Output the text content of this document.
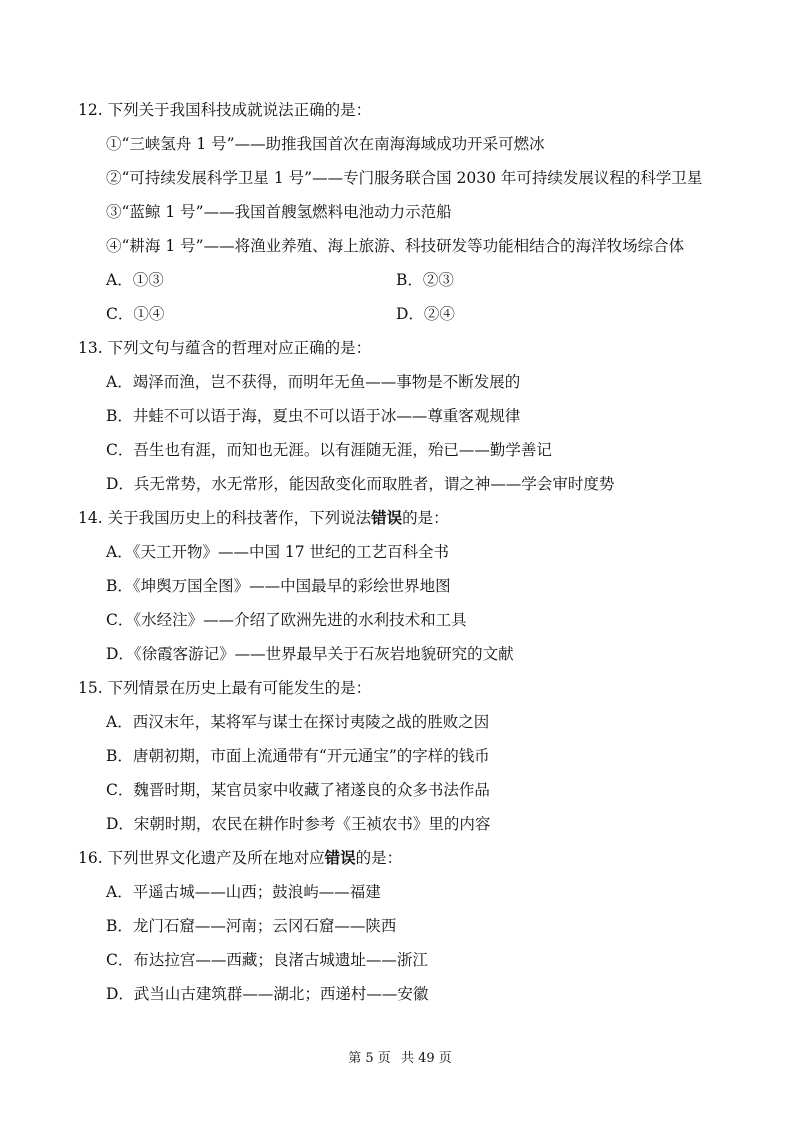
12. 下列关于我国科技成就说法正确的是：
①“三峡氢舟 1 号”——助推我国首次在南海海域成功开采可燃冰
②“可持续发展科学卫星 1 号”——专门服务联合国 2030 年可持续发展议程的科学卫星
③“蓝鲸 1 号”——我国首艘氢燃料电池动力示范船
④“耕海 1 号”——将渔业养殖、海上旅游、科技研发等功能相结合的海洋牧场综合体
A．①③	B．②③
C．①④	D．②④
13. 下列文句与蕴含的哲理对应正确的是：
A．竭泽而渔，岂不获得，而明年无鱼——事物是不断发展的
B．井蛙不可以语于海，夏虫不可以语于冰——尊重客观规律
C．吾生也有涯，而知也无涯。以有涯随无涯，殆已——勤学善记
D．兵无常势，水无常形，能因敌变化而取胜者，谓之神——学会审时度势
14. 关于我国历史上的科技著作，下列说法错误的是：
A．《天工开物》——中国 17 世纪的工艺百科全书
B．《坤舆万国全图》——中国最早的彩绘世界地图
C．《水经注》——介绍了欧洲先进的水利技术和工具
D．《徐霞客游记》——世界最早关于石灰岩地貌研究的文献
15. 下列情景在历史上最有可能发生的是：
A．西汉末年，某将军与谋士在探讨夷陵之战的胜败之因
B．唐朝初期，市面上流通带有“开元通宝”的字样的钱币
C．魏晋时期，某官员家中收藏了褚遂良的众多书法作品
D．宋朝时期，农民在耕作时参考《王祯农书》里的内容
16. 下列世界文化遗产及所在地对应错误的是：
A．平遥古城——山西；鼓浪屿——福建
B．龙门石窟——河南；云冈石窟——陕西
C．布达拉宫——西藏；良渚古城遗址——浙江
D．武当山古建筑群——湖北；西递村——安徽
第 5 页 共 49 页
